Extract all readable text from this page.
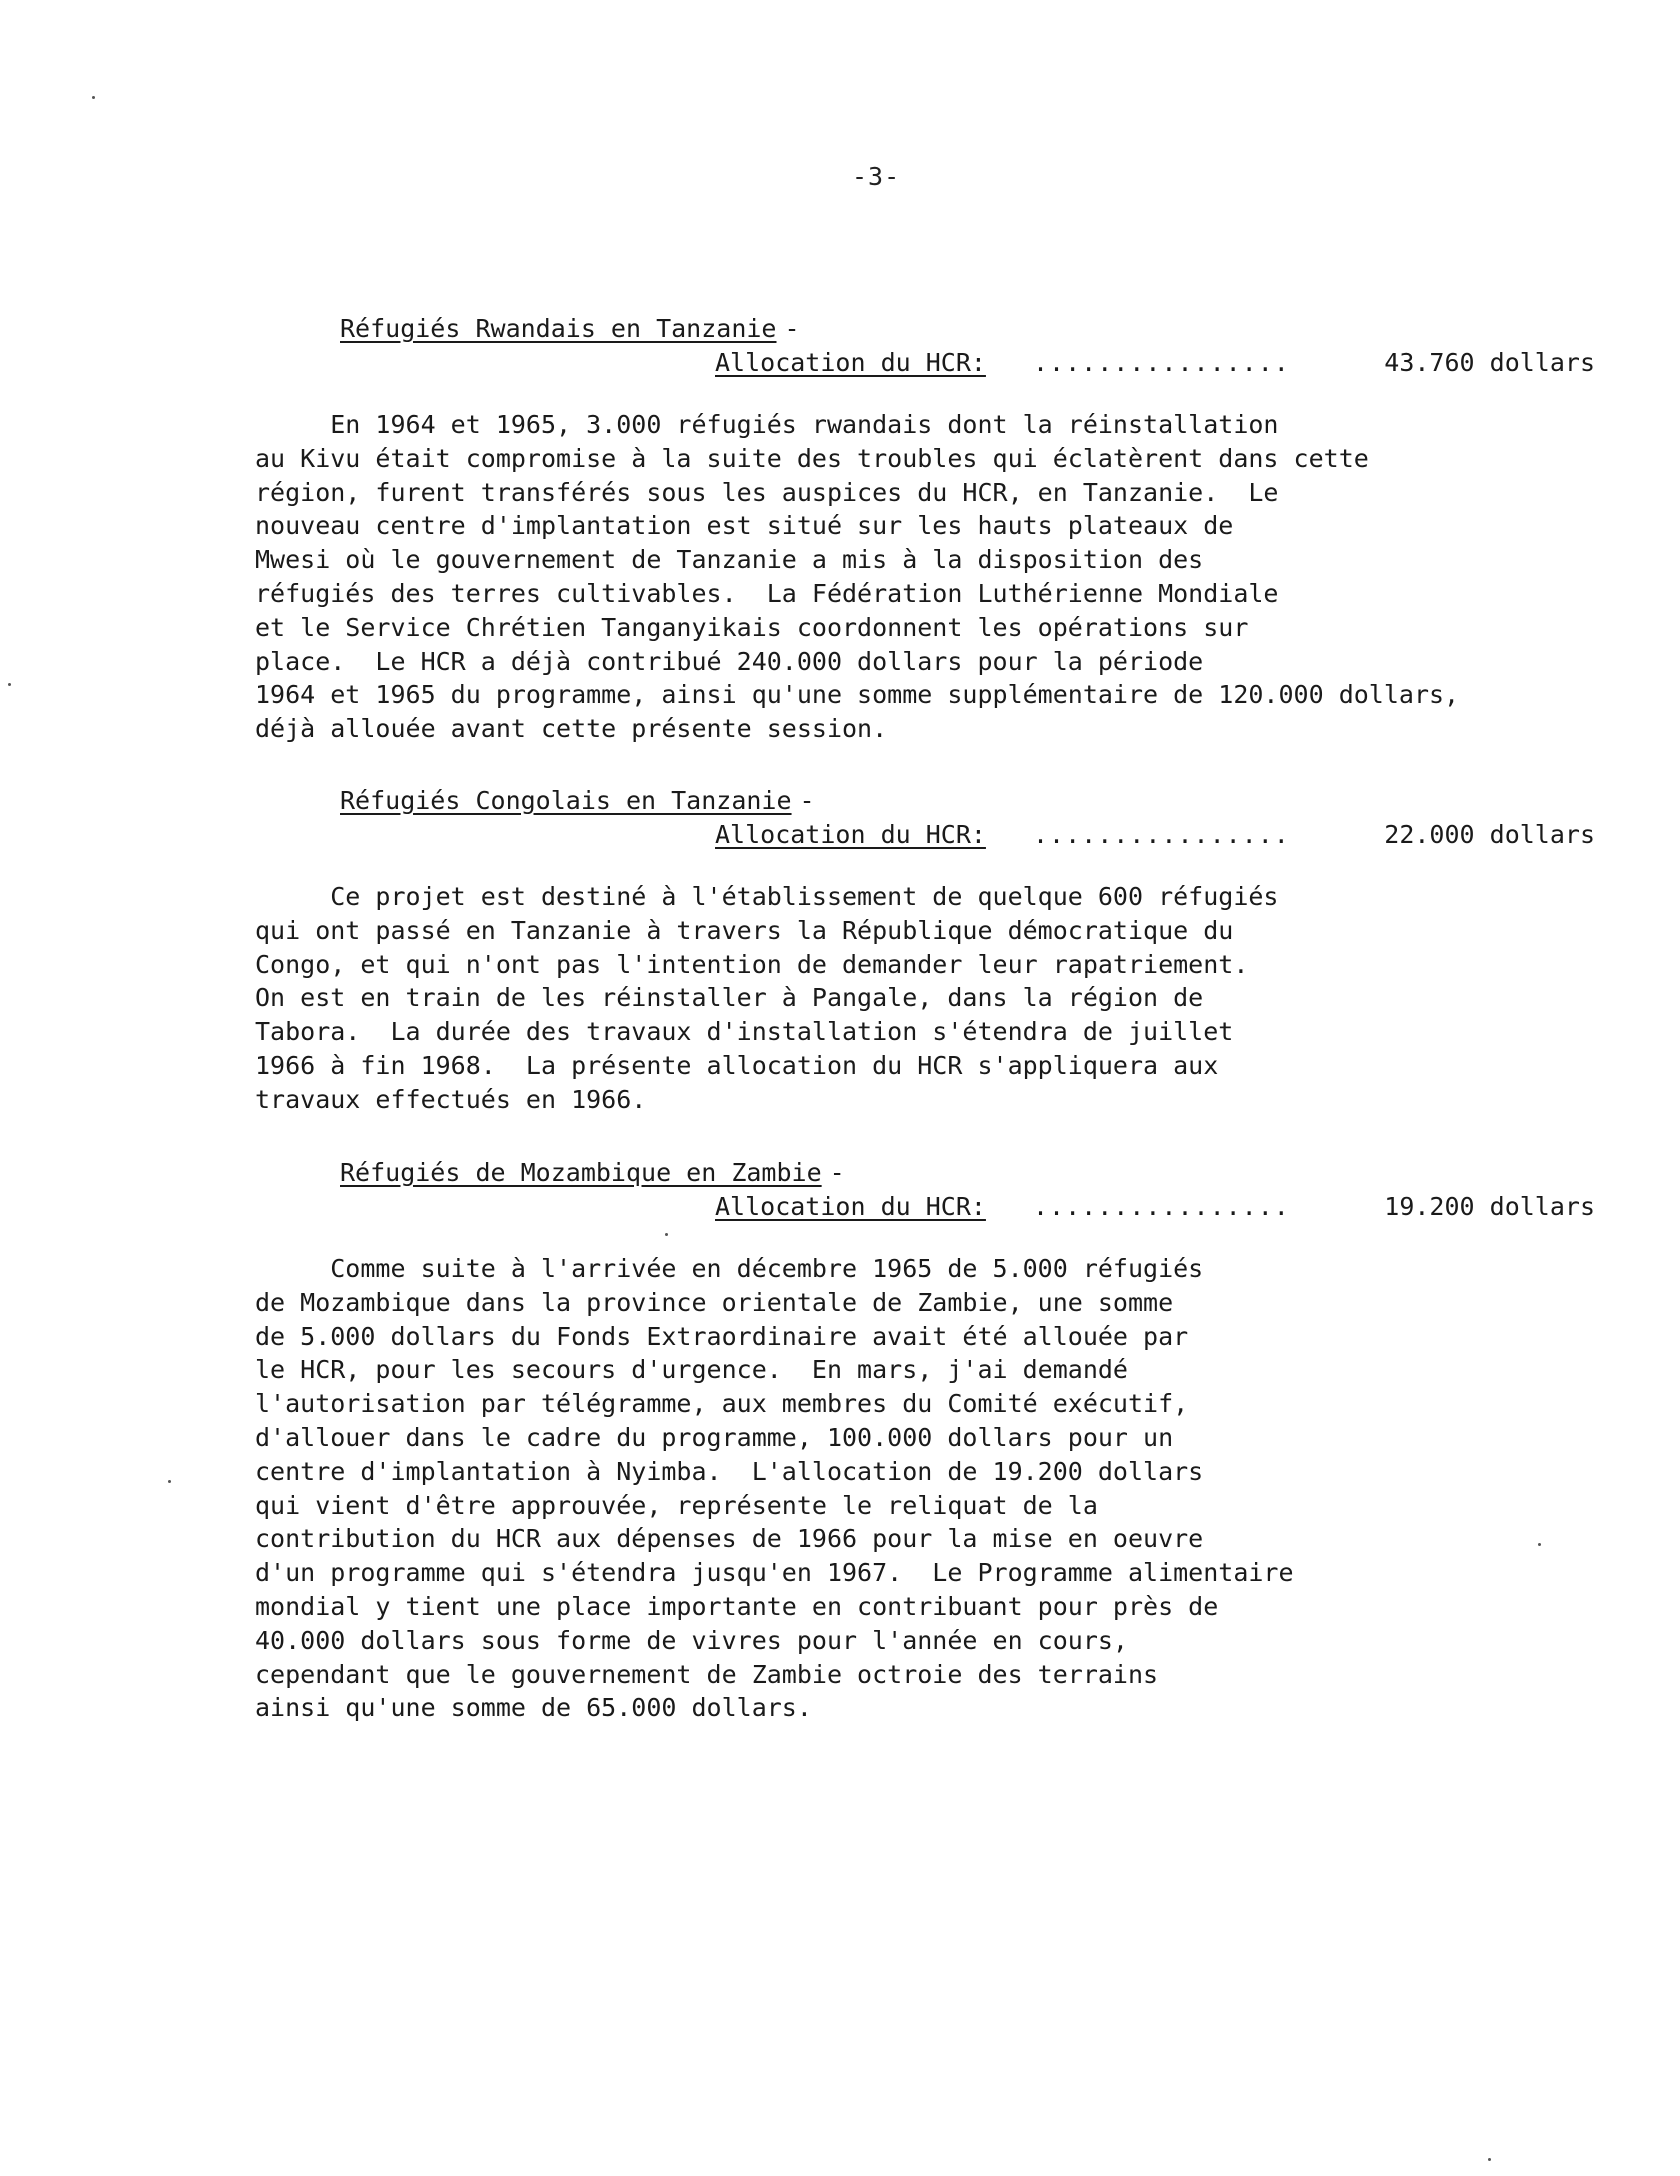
-3-
Réfugiés Rwandais en Tanzanie -
Allocation du HCR: ................	43.760 dollars

En 1964 et 1965, 3.000 réfugiés rwandais dont la réinstallation
au Kivu était compromise à la suite des troubles qui éclatèrent dans cette
région, furent transférés sous les auspices du HCR, en Tanzanie.  Le
nouveau centre d'implantation est situé sur les hauts plateaux de
Mwesi où le gouvernement de Tanzanie a mis à la disposition des
réfugiés des terres cultivables.  La Fédération Luthérienne Mondiale
et le Service Chrétien Tanganyikais coordonnent les opérations sur
place.  Le HCR a déjà contribué 240.000 dollars pour la période
1964 et 1965 du programme, ainsi qu'une somme supplémentaire de 120.000 dollars,
déjà allouée avant cette présente session.

Réfugiés Congolais en Tanzanie -
Allocation du HCR: ................	22.000 dollars

Ce projet est destiné à l'établissement de quelque 600 réfugiés
qui ont passé en Tanzanie à travers la République démocratique du
Congo, et qui n'ont pas l'intention de demander leur rapatriement.
On est en train de les réinstaller à Pangale, dans la région de
Tabora.  La durée des travaux d'installation s'étendra de juillet
1966 à fin 1968.  La présente allocation du HCR s'appliquera aux
travaux effectués en 1966.

Réfugiés de Mozambique en Zambie -
Allocation du HCR: ................	19.200 dollars

Comme suite à l'arrivée en décembre 1965 de 5.000 réfugiés
de Mozambique dans la province orientale de Zambie, une somme
de 5.000 dollars du Fonds Extraordinaire avait été allouée par
le HCR, pour les secours d'urgence.  En mars, j'ai demandé
l'autorisation par télégramme, aux membres du Comité exécutif,
d'allouer dans le cadre du programme, 100.000 dollars pour un
centre d'implantation à Nyimba.  L'allocation de 19.200 dollars
qui vient d'être approuvée, représente le reliquat de la
contribution du HCR aux dépenses de 1966 pour la mise en oeuvre
d'un programme qui s'étendra jusqu'en 1967.  Le Programme alimentaire
mondial y tient une place importante en contribuant pour près de
40.000 dollars sous forme de vivres pour l'année en cours,
cependant que le gouvernement de Zambie octroie des terrains
ainsi qu'une somme de 65.000 dollars.
